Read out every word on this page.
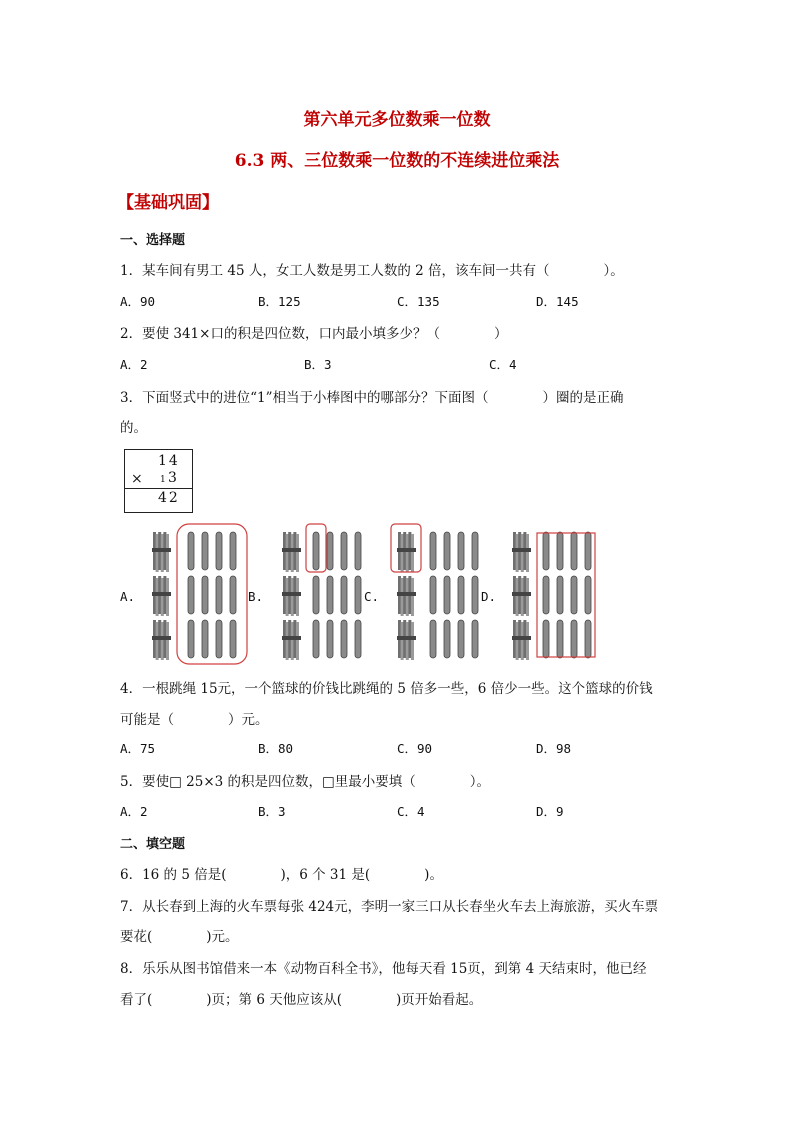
第六单元多位数乘一位数
6.3 两、三位数乘一位数的不连续进位乘法
【基础巩固】
一、选择题
1．某车间有男工 45 人，女工人数是男工人数的 2 倍，该车间一共有（　　　　）。
A．90	B．125	C．135	D．145
2．要使 341×口的积是四位数，口内最小填多少？（　　　　）
A．2	B．3	C．4
3．下面竖式中的进位“1”相当于小棒图中的哪部分？下面图（　　　　）圈的是正确
的。
14
× 1 3
42
A.	B.	C.	D.
4．一根跳绳 15元，一个篮球的价钱比跳绳的 5 倍多一些，6 倍少一些。这个篮球的价钱
可能是（　　　　）元。
A．75	B．80	C．90	D．98
5．要使□ 25×3 的积是四位数，□里最小要填（　　　　）。
A．2	B．3	C．4	D．9
二、填空题
6．16 的 5 倍是(　　　　)，6 个 31 是(　　　　)。
7．从长春到上海的火车票每张 424元，李明一家三口从长春坐火车去上海旅游，买火车票
要花(　　　　)元。
8．乐乐从图书馆借来一本《动物百科全书》，他每天看 15页，到第 4 天结束时，他已经
看了(　　　　)页；第 6 天他应该从(　　　　)页开始看起。
